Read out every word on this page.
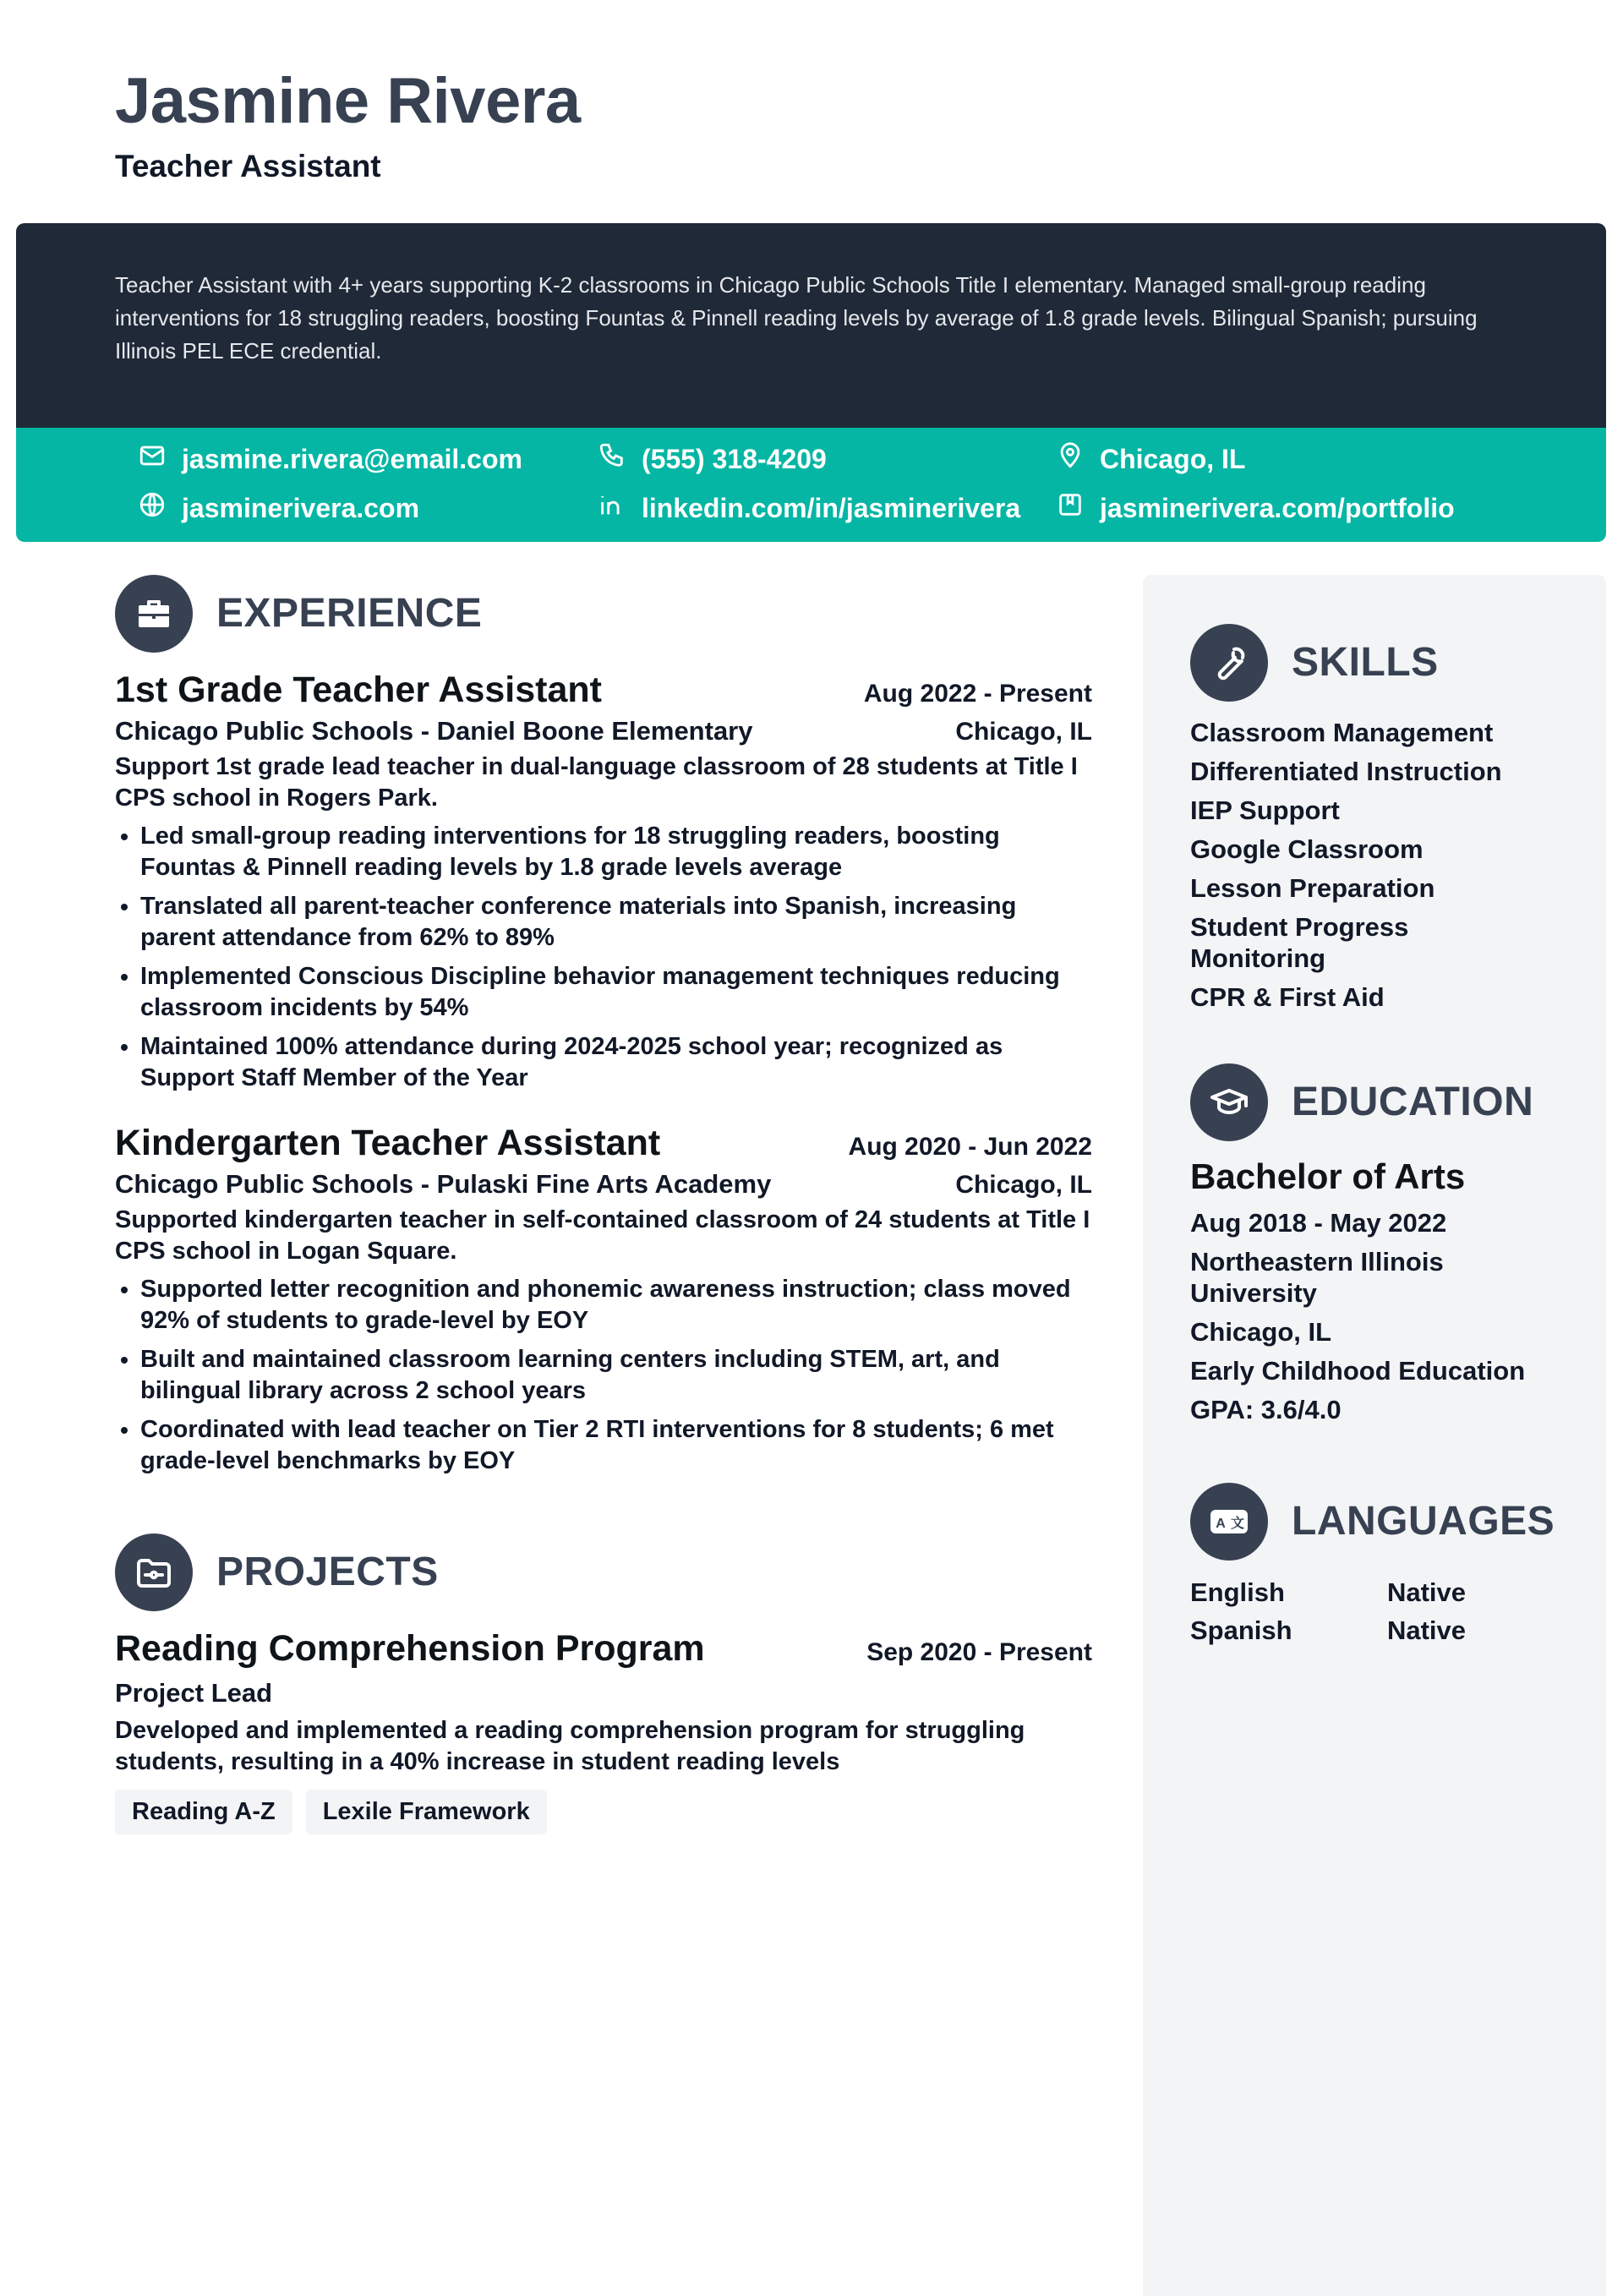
Jasmine Rivera
Teacher Assistant
Teacher Assistant with 4+ years supporting K-2 classrooms in Chicago Public Schools Title I elementary. Managed small-group reading interventions for 18 struggling readers, boosting Fountas & Pinnell reading levels by average of 1.8 grade levels. Bilingual Spanish; pursuing Illinois PEL ECE credential.
jasmine.rivera@email.com	(555) 318-4209	Chicago, IL
jasminerivera.com	linkedin.com/in/jasminerivera	jasminerivera.com/portfolio
EXPERIENCE
1st Grade Teacher Assistant	Aug 2022 - Present
Chicago Public Schools - Daniel Boone Elementary	Chicago, IL
Support 1st grade lead teacher in dual-language classroom of 28 students at Title I CPS school in Rogers Park.
• Led small-group reading interventions for 18 struggling readers, boosting Fountas & Pinnell reading levels by 1.8 grade levels average
• Translated all parent-teacher conference materials into Spanish, increasing parent attendance from 62% to 89%
• Implemented Conscious Discipline behavior management techniques reducing classroom incidents by 54%
• Maintained 100% attendance during 2024-2025 school year; recognized as Support Staff Member of the Year
Kindergarten Teacher Assistant	Aug 2020 - Jun 2022
Chicago Public Schools - Pulaski Fine Arts Academy	Chicago, IL
Supported kindergarten teacher in self-contained classroom of 24 students at Title I CPS school in Logan Square.
• Supported letter recognition and phonemic awareness instruction; class moved 92% of students to grade-level by EOY
• Built and maintained classroom learning centers including STEM, art, and bilingual library across 2 school years
• Coordinated with lead teacher on Tier 2 RTI interventions for 8 students; 6 met grade-level benchmarks by EOY
PROJECTS
Reading Comprehension Program	Sep 2020 - Present
Project Lead
Developed and implemented a reading comprehension program for struggling students, resulting in a 40% increase in student reading levels
Reading A-Z Lexile Framework
SKILLS
Classroom Management
Differentiated Instruction
IEP Support
Google Classroom
Lesson Preparation
Student Progress Monitoring
CPR & First Aid
EDUCATION
Bachelor of Arts
Aug 2018 - May 2022
Northeastern Illinois University
Chicago, IL
Early Childhood Education
GPA: 3.6/4.0
A 文 LANGUAGES
English	Native
Spanish	Native
